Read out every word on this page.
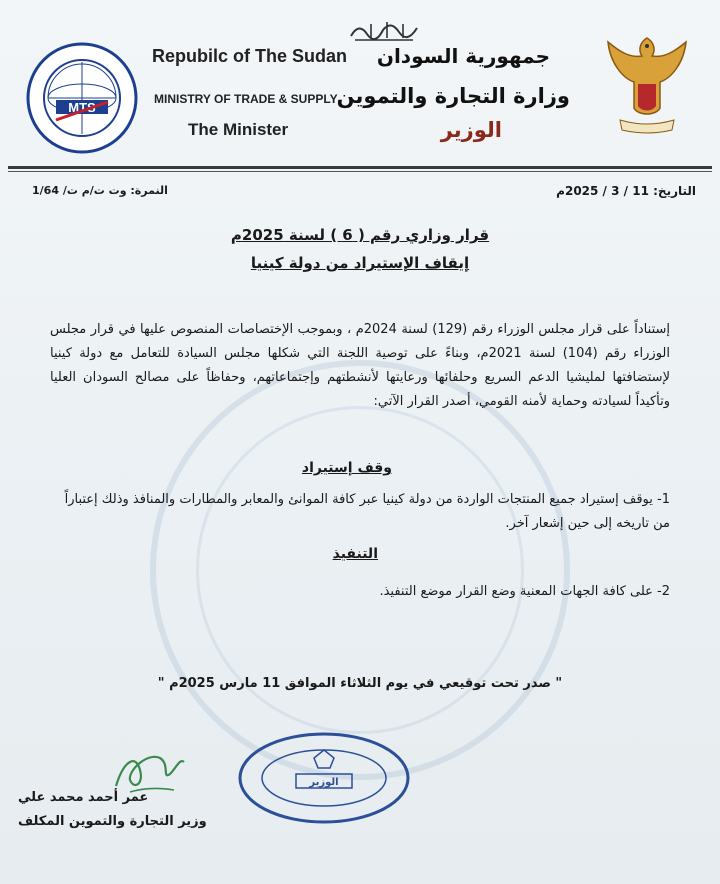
MTS
Repubilc of The Sudan
MINISTRY OF TRADE & SUPPLY
The Minister
جمهورية السودان
وزارة التجارة والتموين
الوزير
التاريخ: 11 / 3 / 2025م
النمرة: وت ت/م ت/ 1/64
قرار وزاري رقم ( 6 ) لسنة 2025م
إيقاف الإستيراد من دولة كينيا
إستناداً على قرار مجلس الوزراء رقم (129) لسنة 2024م ، وبموجب الإختصاصات المنصوص عليها في قرار مجلس الوزراء رقم (104) لسنة 2021م، وبناءً على توصية اللجنة التي شكلها مجلس السيادة للتعامل مع دولة كينيا لإستضافتها لمليشيا الدعم السريع وحلفائها ورعايتها لأنشطتهم وإجتماعاتهم، وحفاظاً على مصالح السودان العليا وتأكيداً لسيادته وحماية لأمنه القومي، أصدر القرار الآتي:
وقف إستيراد
1- يوقف إستيراد جميع المنتجات الواردة من دولة كينيا عبر كافة الموانئ والمعابر والمطارات والمنافذ وذلك إعتباراً من تاريخه إلى حين إشعار آخر.
التنفيذ
2- على كافة الجهات المعنية وضع القرار موضع التنفيذ.
" صدر تحت توقيعي في يوم الثلاثاء الموافق 11 مارس 2025م "
الوزير
عمر أحمد محمد علي
وزير التجارة والتموين المكلف
